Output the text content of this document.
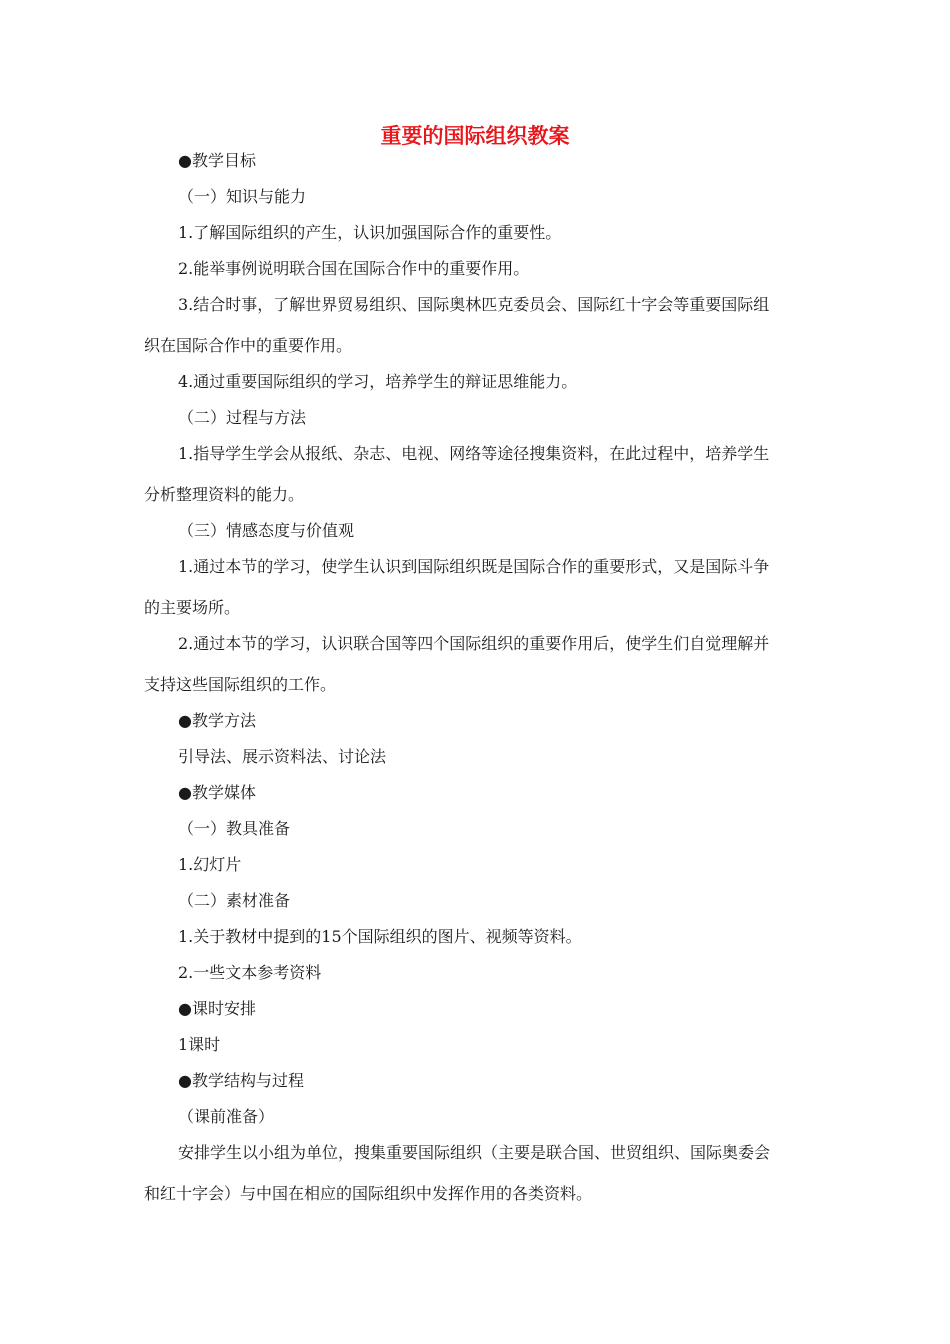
重要的国际组织教案
●教学目标
（一）知识与能力
1.了解国际组织的产生，认识加强国际合作的重要性。
2.能举事例说明联合国在国际合作中的重要作用。
3.结合时事，了解世界贸易组织、国际奥林匹克委员会、国际红十字会等重要国际组
织在国际合作中的重要作用。
4.通过重要国际组织的学习，培养学生的辩证思维能力。
（二）过程与方法
1.指导学生学会从报纸、杂志、电视、网络等途径搜集资料，在此过程中，培养学生
分析整理资料的能力。
（三）情感态度与价值观
1.通过本节的学习，使学生认识到国际组织既是国际合作的重要形式，又是国际斗争
的主要场所。
2.通过本节的学习，认识联合国等四个国际组织的重要作用后，使学生们自觉理解并
支持这些国际组织的工作。
●教学方法
引导法、展示资料法、讨论法
●教学媒体
（一）教具准备
1.幻灯片
（二）素材准备
1.关于教材中提到的15个国际组织的图片、视频等资料。
2.一些文本参考资料
●课时安排
1课时
●教学结构与过程
（课前准备）
安排学生以小组为单位，搜集重要国际组织（主要是联合国、世贸组织、国际奥委会
和红十字会）与中国在相应的国际组织中发挥作用的各类资料。
